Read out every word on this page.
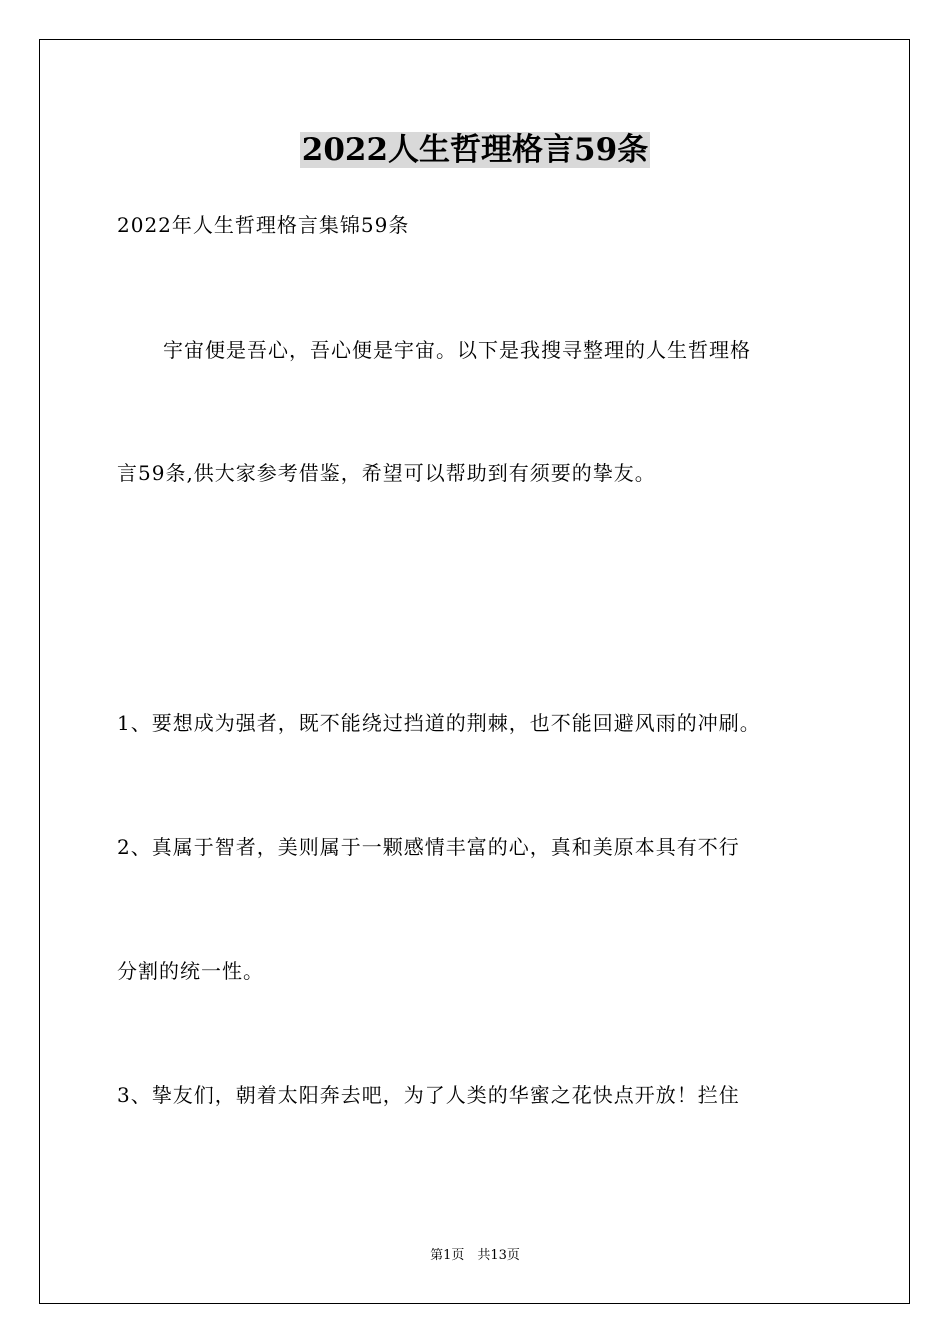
2022人生哲理格言59条
2022年人生哲理格言集锦59条
宇宙便是吾心，吾心便是宇宙。以下是我搜寻整理的人生哲理格
言59条,供大家参考借鉴，希望可以帮助到有须要的挚友。
1、要想成为强者，既不能绕过挡道的荆棘，也不能回避风雨的冲刷。
2、真属于智者，美则属于一颗感情丰富的心，真和美原本具有不行
分割的统一性。
3、挚友们，朝着太阳奔去吧，为了人类的华蜜之花快点开放！拦住
第1页　共13页
